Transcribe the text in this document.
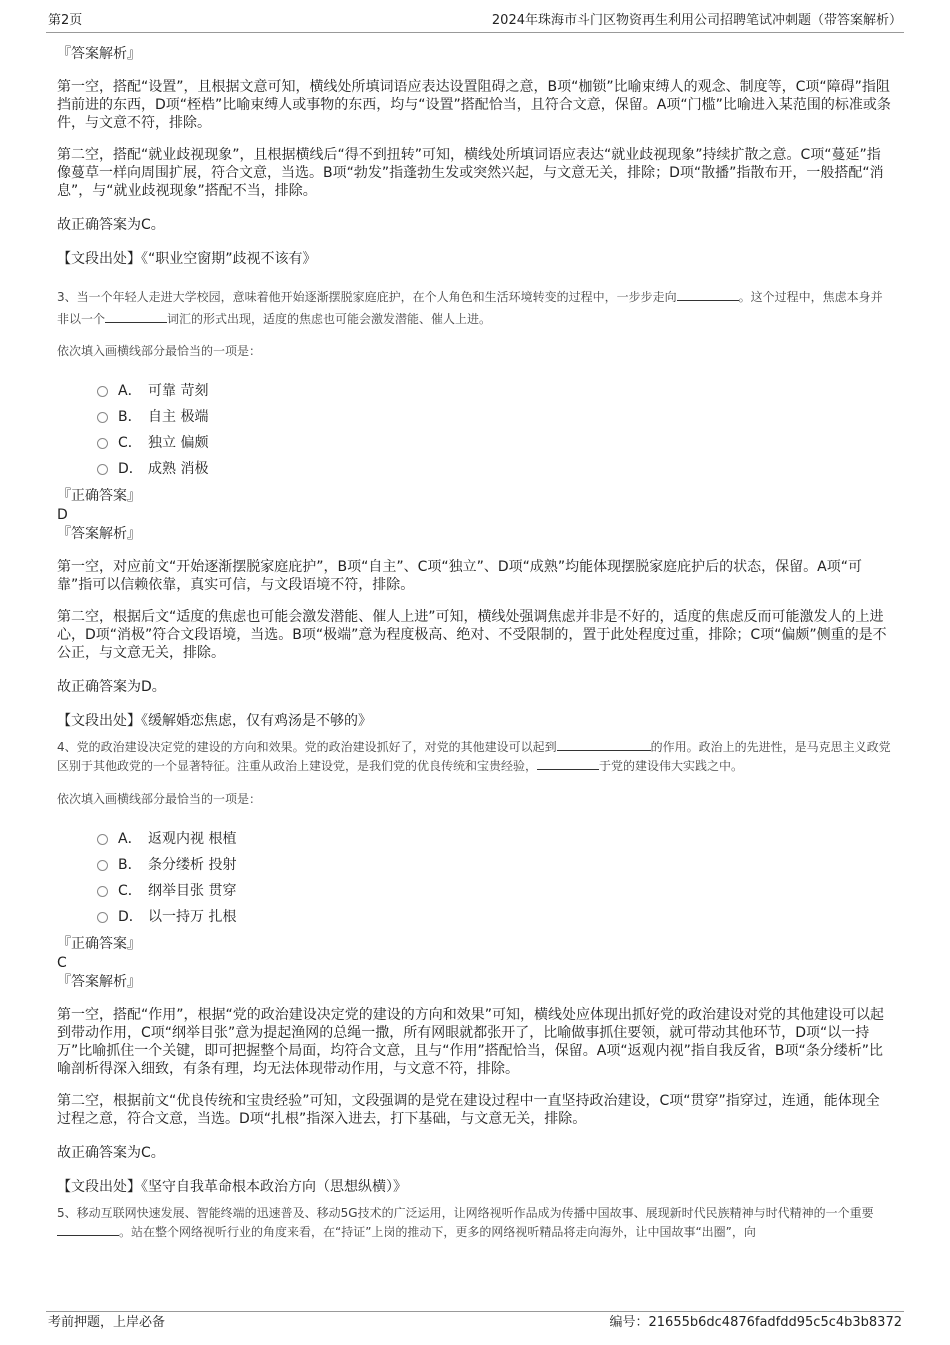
第2页	2024年珠海市斗门区物资再生利用公司招聘笔试冲刺题（带答案解析）

『答案解析』

第一空，搭配“设置”，且根据文意可知，横线处所填词语应表达设置阻碍之意，B项“枷锁”比喻束缚人的观念、制度等，C项“障碍”指阻挡前进的东西，D项“桎梏”比喻束缚人或事物的东西，均与“设置”搭配恰当，且符合文意，保留。A项“门槛”比喻进入某范围的标准或条件，与文意不符，排除。

第二空，搭配“就业歧视现象”，且根据横线后“得不到扭转”可知，横线处所填词语应表达“就业歧视现象”持续扩散之意。C项“蔓延”指像蔓草一样向周围扩展，符合文意，当选。B项“勃发”指蓬勃生发或突然兴起，与文意无关，排除；D项“散播”指散布开，一般搭配“消息”，与“就业歧视现象”搭配不当，排除。

故正确答案为C。

【文段出处】《“职业空窗期”歧视不该有》

3、当一个年轻人走进大学校园，意味着他开始逐渐摆脱家庭庇护，在个人角色和生活环境转变的过程中，一步步走向	。这个过程中，焦虑本身并非以一个	词汇的形式出现，适度的焦虑也可能会激发潜能、催人上进。

依次填入画横线部分最恰当的一项是：

A． 可靠 苛刻
B． 自主 极端
C． 独立 偏颇
D． 成熟 消极

『正确答案』

D

『答案解析』

第一空，对应前文“开始逐渐摆脱家庭庇护”，B项“自主”、C项“独立”、D项“成熟”均能体现摆脱家庭庇护后的状态，保留。A项“可靠”指可以信赖依靠，真实可信，与文段语境不符，排除。

第二空，根据后文“适度的焦虑也可能会激发潜能、催人上进”可知，横线处强调焦虑并非是不好的，适度的焦虑反而可能激发人的上进心，D项“消极”符合文段语境，当选。B项“极端”意为程度极高、绝对、不受限制的，置于此处程度过重，排除；C项“偏颇”侧重的是不公正，与文意无关，排除。

故正确答案为D。

【文段出处】《缓解婚恋焦虑，仅有鸡汤是不够的》

4、党的政治建设决定党的建设的方向和效果。党的政治建设抓好了，对党的其他建设可以起到	的作用。政治上的先进性，是马克思主义政党区别于其他政党的一个显著特征。注重从政治上建设党，是我们党的优良传统和宝贵经验，	于党的建设伟大实践之中。

依次填入画横线部分最恰当的一项是：

A． 返观内视 根植
B． 条分缕析 投射
C． 纲举目张 贯穿
D． 以一持万 扎根

『正确答案』

C

『答案解析』

第一空，搭配“作用”，根据“党的政治建设决定党的建设的方向和效果”可知，横线处应体现出抓好党的政治建设对党的其他建设可以起到带动作用，C项“纲举目张”意为提起渔网的总绳一撒，所有网眼就都张开了，比喻做事抓住要领，就可带动其他环节，D项“以一持万”比喻抓住一个关键，即可把握整个局面，均符合文意，且与“作用”搭配恰当，保留。A项“返观内视”指自我反省，B项“条分缕析”比喻剖析得深入细致，有条有理，均无法体现带动作用，与文意不符，排除。

第二空，根据前文“优良传统和宝贵经验”可知，文段强调的是党在建设过程中一直坚持政治建设，C项“贯穿”指穿过，连通，能体现全过程之意，符合文意，当选。D项“扎根”指深入进去，打下基础，与文意无关，排除。

故正确答案为C。

【文段出处】《坚守自我革命根本政治方向（思想纵横）》

5、移动互联网快速发展、智能终端的迅速普及、移动5G技术的广泛运用，让网络视听作品成为传播中国故事、展现新时代民族精神与时代精神的一个重要。站在整个网络视听行业的角度来看，在“持证”上岗的推动下，更多的网络视听精品将走向海外，让中国故事“出圈”，向

考前押题，上岸必备	编号：21655b6dc4876fadfdd95c5c4b3b8372
